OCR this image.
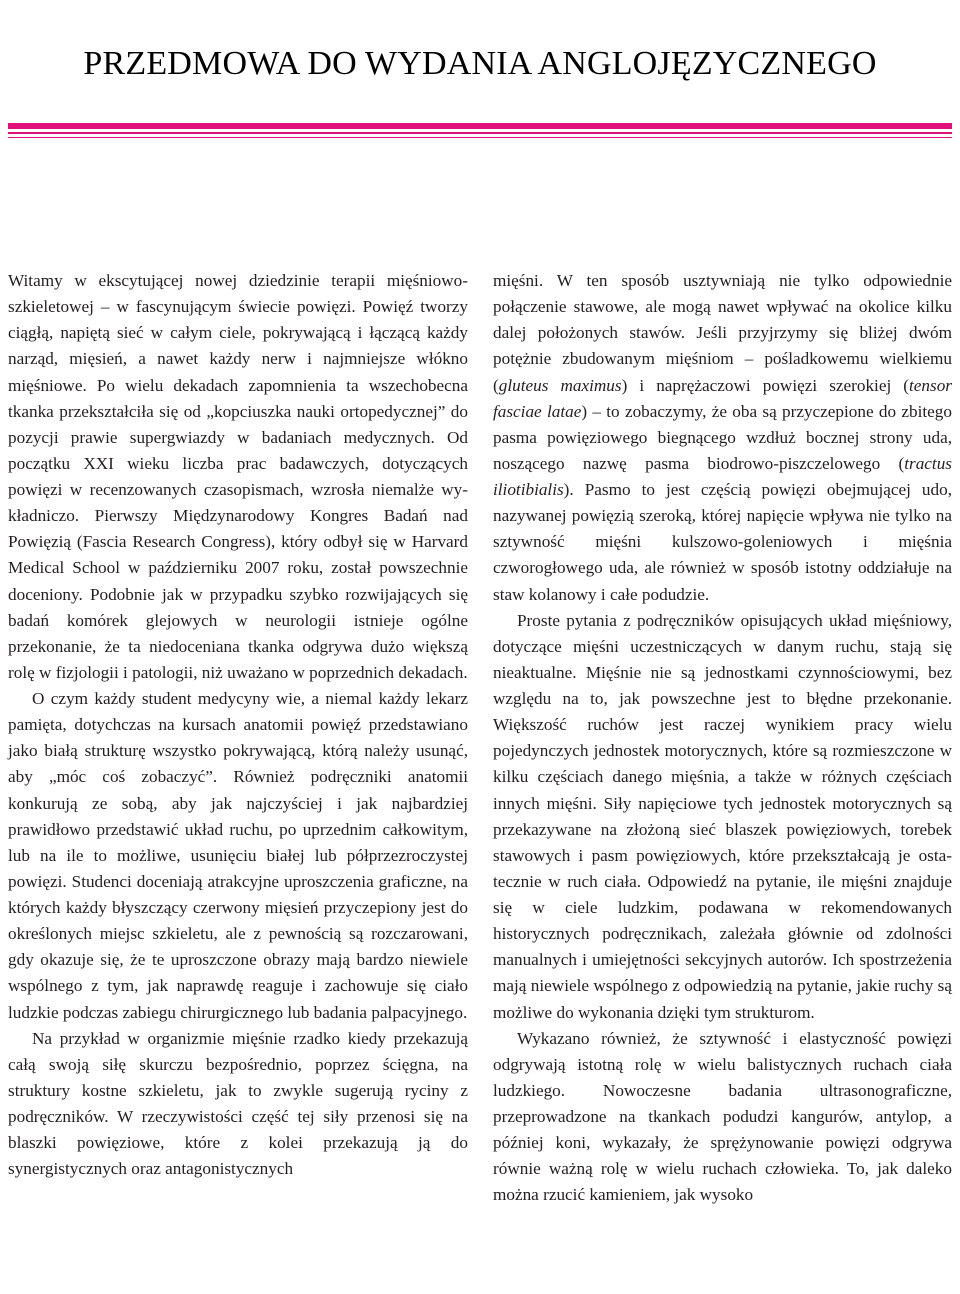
PRZEDMOWA DO WYDANIA ANGLOJĘZYCZNEGO

Witamy w ekscytującej nowej dziedzinie terapii mięśniowo-szkieletowej – w fascynującym świecie powięzi. Powięź tworzy ciągłą, napiętą sieć w całym ciele, pokrywającą i łączącą każdy narząd, mięsień, a nawet każdy nerw i najmniejsze włókno mięśniowe. Po wielu dekadach zapomnienia ta wszechobecna tkanka przekształciła się od „kopciuszka nauki ortopedycznej” do pozycji prawie supergwiazdy w badaniach medycznych. Od początku XXI wieku liczba prac badawczych, dotyczących powięzi w recenzowanych czasopismach, wzrosła niemalże wykładniczo. Pierwszy Międzynarodowy Kongres Badań nad Powięzią (Fascia Research Congress), który odbył się w Harvard Medical School w październiku 2007 roku, został powszechnie doceniony. Podobnie jak w przypadku szybko rozwijających się badań komórek glejowych w neurologii istnieje ogólne przekonanie, że ta niedoceniana tkanka odgrywa dużo większą rolę w fizjologii i patologii, niż uważano w poprzednich dekadach.

O czym każdy student medycyny wie, a niemal każdy lekarz pamięta, dotychczas na kursach anatomii powięź przedstawiano jako białą strukturę wszystko pokrywającą, którą należy usunąć, aby „móc coś zobaczyć”. Również podręczniki anatomii konkurują ze sobą, aby jak najczyściej i jak najbardziej prawidłowo przedstawić układ ruchu, po uprzednim całkowitym, lub na ile to możliwe, usunięciu białej lub półprzezroczystej powięzi. Studenci doceniają atrakcyjne uproszczenia graficzne, na których każdy błyszczący czerwony mięsień przyczepiony jest do określonych miejsc szkieletu, ale z pewnością są rozczarowani, gdy okazuje się, że te uproszczone obrazy mają bardzo niewiele wspólnego z tym, jak naprawdę reaguje i zachowuje się ciało ludzkie podczas zabiegu chirurgicznego lub badania palpacyjnego.

Na przykład w organizmie mięśnie rzadko kiedy przekazują całą swoją siłę skurczu bezpośrednio, poprzez ścięgna, na struktury kostne szkieletu, jak to zwykle sugerują ryciny z podręczników. W rzeczywistości część tej siły przenosi się na blaszki powięziowe, które z kolei przekazują ją do synergistycznych oraz antagonistycznych

mięśni. W ten sposób usztywniają nie tylko odpowiednie połączenie stawowe, ale mogą nawet wpływać na okolice kilku dalej położonych stawów. Jeśli przyjrzymy się bliżej dwóm potężnie zbudowanym mięśniom – pośladkowemu wielkiemu (gluteus maximus) i naprężaczowi powięzi szerokiej (tensor fasciae latae) – to zobaczymy, że oba są przyczepione do zbitego pasma powięziowego biegnącego wzdłuż bocznej strony uda, noszącego nazwę pasma biodrowo-piszczelowego (tractus iliotibialis). Pasmo to jest częścią powięzi obejmującej udo, nazywanej powięzią szeroką, której napięcie wpływa nie tylko na sztywność mięśni kulszowo-goleniowych i mięśnia czworogłowego uda, ale również w sposób istotny oddziałuje na staw kolanowy i całe podudzie.

Proste pytania z podręczników opisujących układ mięśniowy, dotyczące mięśni uczestniczących w danym ruchu, stają się nieaktualne. Mięśnie nie są jednostkami czynnościowymi, bez względu na to, jak powszechne jest to błędne przekonanie. Większość ruchów jest raczej wynikiem pracy wielu pojedynczych jednostek motorycznych, które są rozmieszczone w kilku częściach danego mięśnia, a także w różnych częściach innych mięśni. Siły napięciowe tych jednostek motorycznych są przekazywane na złożoną sieć blaszek powięziowych, torebek stawowych i pasm powięziowych, które przekształcają je ostatecznie w ruch ciała. Odpowiedź na pytanie, ile mięśni znajduje się w ciele ludzkim, podawana w rekomendowanych historycznych podręcznikach, zależała głównie od zdolności manualnych i umiejętności sekcyjnych autorów. Ich spostrzeżenia mają niewiele wspólnego z odpowiedzią na pytanie, jakie ruchy są możliwe do wykonania dzięki tym strukturom.

Wykazano również, że sztywność i elastyczność powięzi odgrywają istotną rolę w wielu balistycznych ruchach ciała ludzkiego. Nowoczesne badania ultrasonograficzne, przeprowadzone na tkankach podudzi kangurów, antylop, a później koni, wykazały, że sprężynowanie powięzi odgrywa równie ważną rolę w wielu ruchach człowieka. To, jak daleko można rzucić kamieniem, jak wysoko
